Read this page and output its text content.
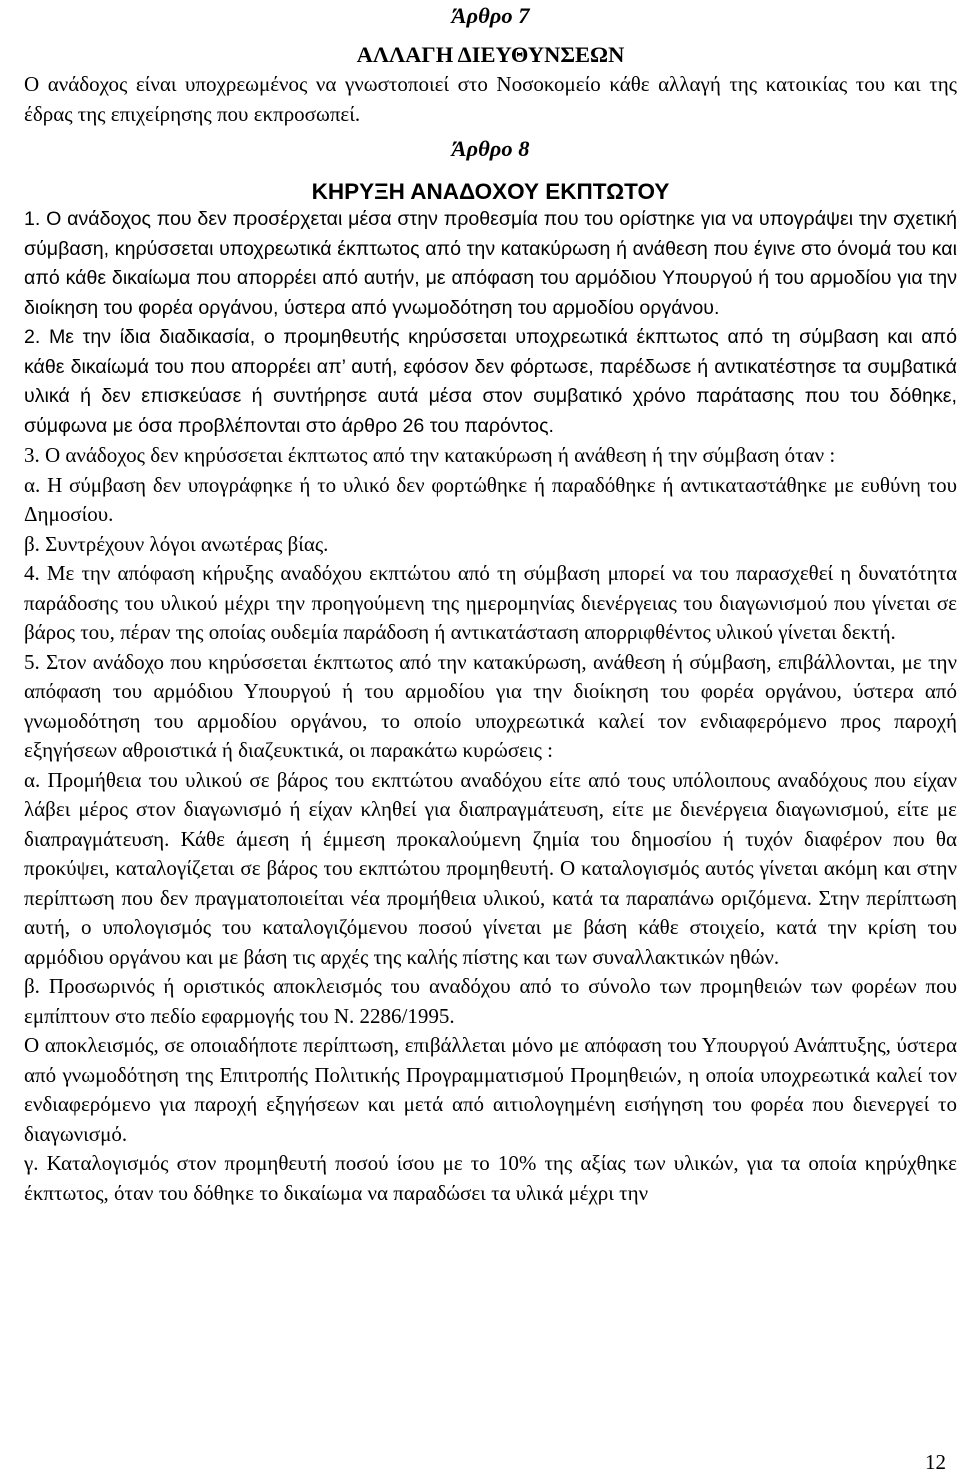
Άρθρο 7
ΑΛΛΑΓΗ ΔΙΕΥΘΥΝΣΕΩΝ

Ο ανάδοχος είναι υποχρεωμένος να γνωστοποιεί στο Νοσοκομείο κάθε αλλαγή της κατοικίας του και της έδρας της επιχείρησης που εκπροσωπεί.

Άρθρο 8
ΚΗΡΥΞΗ ΑΝΑΔΟΧΟΥ ΕΚΠΤΩΤΟΥ

1. Ο ανάδοχος που δεν προσέρχεται μέσα στην προθεσμία που του ορίστηκε για να υπογράψει την σχετική σύμβαση, κηρύσσεται υποχρεωτικά έκπτωτος από την κατακύρωση ή ανάθεση που έγινε στο όνομά του και από κάθε δικαίωμα που απορρέει από αυτήν, με απόφαση του αρμόδιου Υπουργού ή του αρμοδίου για την διοίκηση του φορέα οργάνου, ύστερα από γνωμοδότηση του αρμοδίου οργάνου.

2. Με την ίδια διαδικασία, ο προμηθευτής κηρύσσεται υποχρεωτικά έκπτωτος από τη σύμβαση και από κάθε δικαίωμά του που απορρέει απ’ αυτή, εφόσον δεν φόρτωσε, παρέδωσε ή αντικατέστησε τα συμβατικά υλικά ή δεν επισκεύασε ή συντήρησε αυτά μέσα στον συμβατικό χρόνο παράτασης που του δόθηκε, σύμφωνα με όσα προβλέπονται στο άρθρο 26 του παρόντος.

3. Ο ανάδοχος δεν κηρύσσεται έκπτωτος από την κατακύρωση ή ανάθεση ή την σύμβαση όταν :

α. Η σύμβαση δεν υπογράφηκε ή το υλικό δεν φορτώθηκε ή παραδόθηκε ή αντικαταστάθηκε με ευθύνη του Δημοσίου.

β. Συντρέχουν λόγοι ανωτέρας βίας.

4. Με την απόφαση κήρυξης αναδόχου εκπτώτου από τη σύμβαση μπορεί να του παρασχεθεί η δυνατότητα παράδοσης του υλικού μέχρι την προηγούμενη της ημερομηνίας διενέργειας του διαγωνισμού που γίνεται σε βάρος του, πέραν της οποίας ουδεμία παράδοση ή αντικατάσταση απορριφθέντος υλικού γίνεται δεκτή.

5. Στον ανάδοχο που κηρύσσεται έκπτωτος από την κατακύρωση, ανάθεση ή σύμβαση, επιβάλλονται, με την απόφαση του αρμόδιου Υπουργού ή του αρμοδίου για την διοίκηση του φορέα οργάνου, ύστερα από γνωμοδότηση του αρμοδίου οργάνου, το οποίο υποχρεωτικά καλεί τον ενδιαφερόμενο προς παροχή εξηγήσεων αθροιστικά ή διαζευκτικά, οι παρακάτω κυρώσεις :

α. Προμήθεια του υλικού σε βάρος του εκπτώτου αναδόχου είτε από τους υπόλοιπους αναδόχους που είχαν λάβει μέρος στον διαγωνισμό ή είχαν κληθεί για διαπραγμάτευση, είτε με διενέργεια διαγωνισμού, είτε με διαπραγμάτευση. Κάθε άμεση ή έμμεση προκαλούμενη ζημία του δημοσίου ή τυχόν διαφέρον που θα προκύψει, καταλογίζεται σε βάρος του εκπτώτου προμηθευτή. Ο καταλογισμός αυτός γίνεται ακόμη και στην περίπτωση που δεν πραγματοποιείται νέα προμήθεια υλικού, κατά τα παραπάνω οριζόμενα. Στην περίπτωση αυτή, ο υπολογισμός του καταλογιζόμενου ποσού γίνεται με βάση κάθε στοιχείο, κατά την κρίση του αρμόδιου οργάνου και με βάση τις αρχές της καλής πίστης και των συναλλακτικών ηθών.

β. Προσωρινός ή οριστικός αποκλεισμός του αναδόχου από το σύνολο των προμηθειών των φορέων που εμπίπτουν στο πεδίο εφαρμογής του Ν. 2286/1995.

Ο αποκλεισμός, σε οποιαδήποτε περίπτωση, επιβάλλεται μόνο με απόφαση του Υπουργού Ανάπτυξης, ύστερα από γνωμοδότηση της Επιτροπής Πολιτικής Προγραμματισμού Προμηθειών, η οποία υποχρεωτικά καλεί τον ενδιαφερόμενο για παροχή εξηγήσεων και μετά από αιτιολογημένη εισήγηση του φορέα που διενεργεί το διαγωνισμό.

γ. Καταλογισμός στον προμηθευτή ποσού ίσου με το 10% της αξίας των υλικών, για τα οποία κηρύχθηκε έκπτωτος, όταν του δόθηκε το δικαίωμα να παραδώσει τα υλικά μέχρι την

12
